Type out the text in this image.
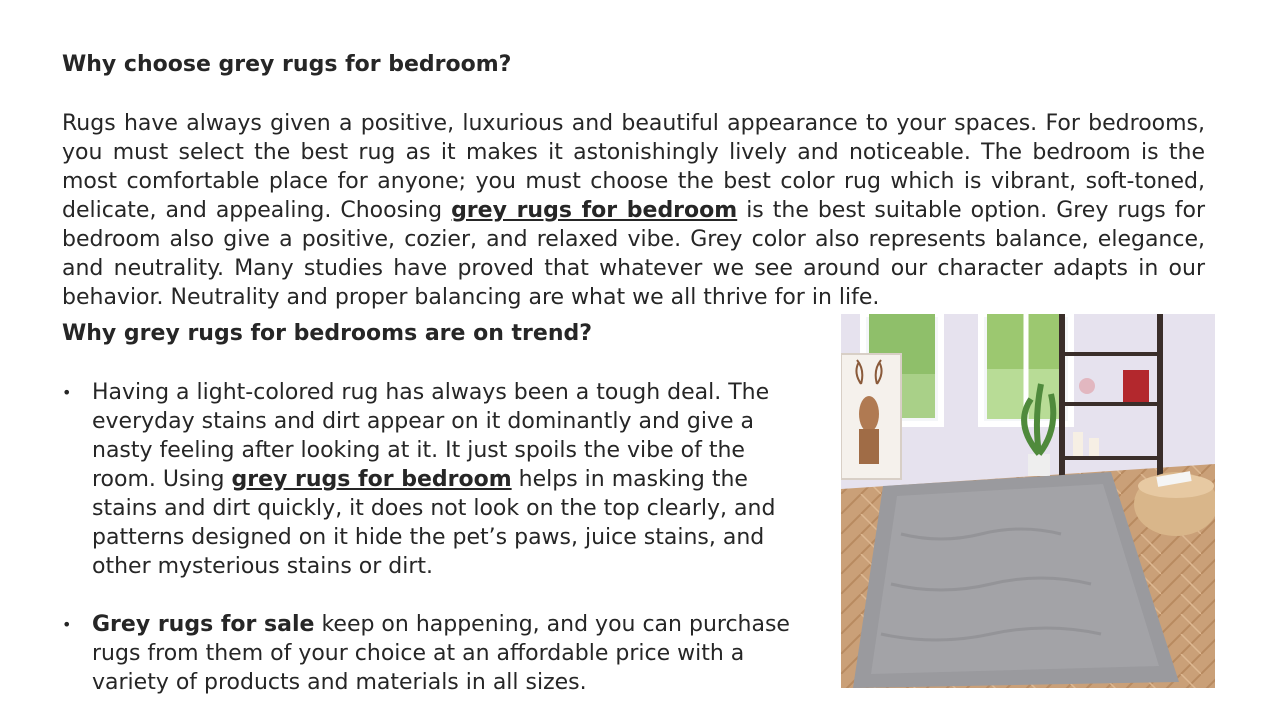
Why choose grey rugs for bedroom?

Rugs have always given a positive, luxurious and beautiful appearance to your spaces. For bedrooms, you must select the best rug as it makes it astonishingly lively and noticeable. The bedroom is the most comfortable place for anyone; you must choose the best color rug which is vibrant, soft-toned, delicate, and appealing. Choosing grey rugs for bedroom is the best suitable option. Grey rugs for bedroom also give a positive, cozier, and relaxed vibe. Grey color also represents balance, elegance, and neutrality. Many studies have proved that whatever we see around our character adapts in our behavior. Neutrality and proper balancing are what we all thrive for in life.

Why grey rugs for bedrooms are on trend?
• Having a light-colored rug has always been a tough deal. The everyday stains and dirt appear on it dominantly and give a nasty feeling after looking at it. It just spoils the vibe of the room. Using grey rugs for bedroom helps in masking the stains and dirt quickly, it does not look on the top clearly, and patterns designed on it hide the pet’s paws, juice stains, and other mysterious stains or dirt.
• Grey rugs for sale keep on happening, and you can purchase rugs from them of your choice at an affordable price with a variety of products and materials in all sizes.
